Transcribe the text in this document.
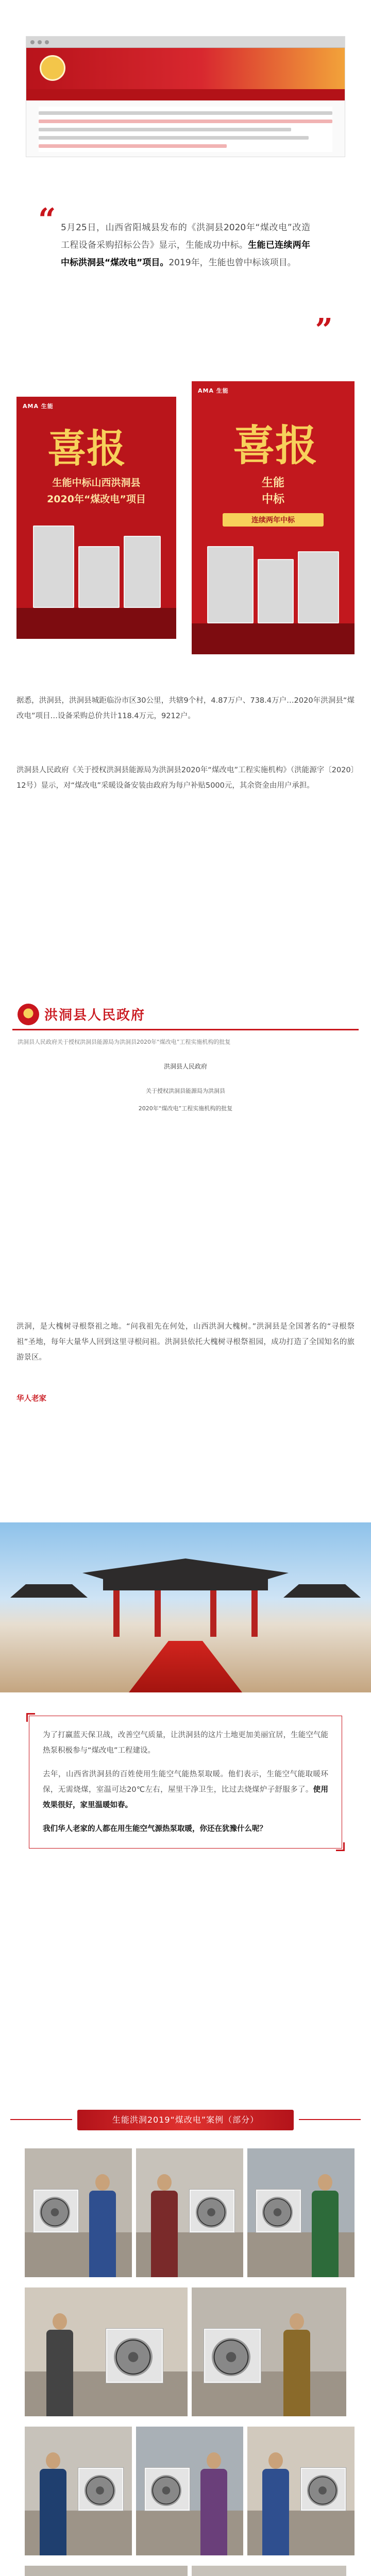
“ 5月25日，山西省阳城县发布的《洪洞县2020年“煤改电”改造工程设备采购招标公告》显示，生能成功中标。生能已连续两年中标洪洞县“煤改电”项目。2019年，生能也曾中标该项目。
”
AMA 生能
喜报
生能中标山西洪洞县
2020年“煤改电”项目
AMA 生能
喜报
生能
中标
连续两年中标

据悉，洪洞县，洪洞县城距临汾市区30公里，共辖9个村，4.87万户、738.4万户…2020年洪洞县“煤改电”项目…设备采购总价共计118.4万元，9212户。

洪洞县人民政府《关于授权洪洞县能源局为洪洞县2020年“煤改电”工程实施机构》（洪能源字〔2020〕12号）显示，对“煤改电”采暖设备安装由政府为每户补贴5000元，其余资金由用户承担。

洪洞县人民政府
洪洞县人民政府关于授权洪洞县能源局为洪洞县2020年“煤改电”工程实施机构的批复
洪洞县人民政府
关于授权洪洞县能源局为洪洞县
2020年“煤改电”工程实施机构的批复

洪洞，是大槐树寻根祭祖之地。“问我祖先在何处，山西洪洞大槐树。”洪洞县是全国著名的“寻根祭祖”圣地，每年大量华人回到这里寻根问祖。洪洞县依托大槐树寻根祭祖园，成功打造了全国知名的旅游景区。

华人老家

为了打赢蓝天保卫战，改善空气质量，让洪洞县的这片土地更加美丽宜居，生能空气能热泵积极参与“煤改电”工程建设。

去年，山西省洪洞县的百姓使用生能空气能热泵取暖。他们表示，生能空气能取暖环保，无需烧煤，室温可达20℃左右，屋里干净卫生，比过去烧煤炉子舒服多了。使用效果很好，家里温暖如春。

我们华人老家的人都在用生能空气源热泵取暖，你还在犹豫什么呢？

生能洪洞2019“煤改电”案例（部分）
